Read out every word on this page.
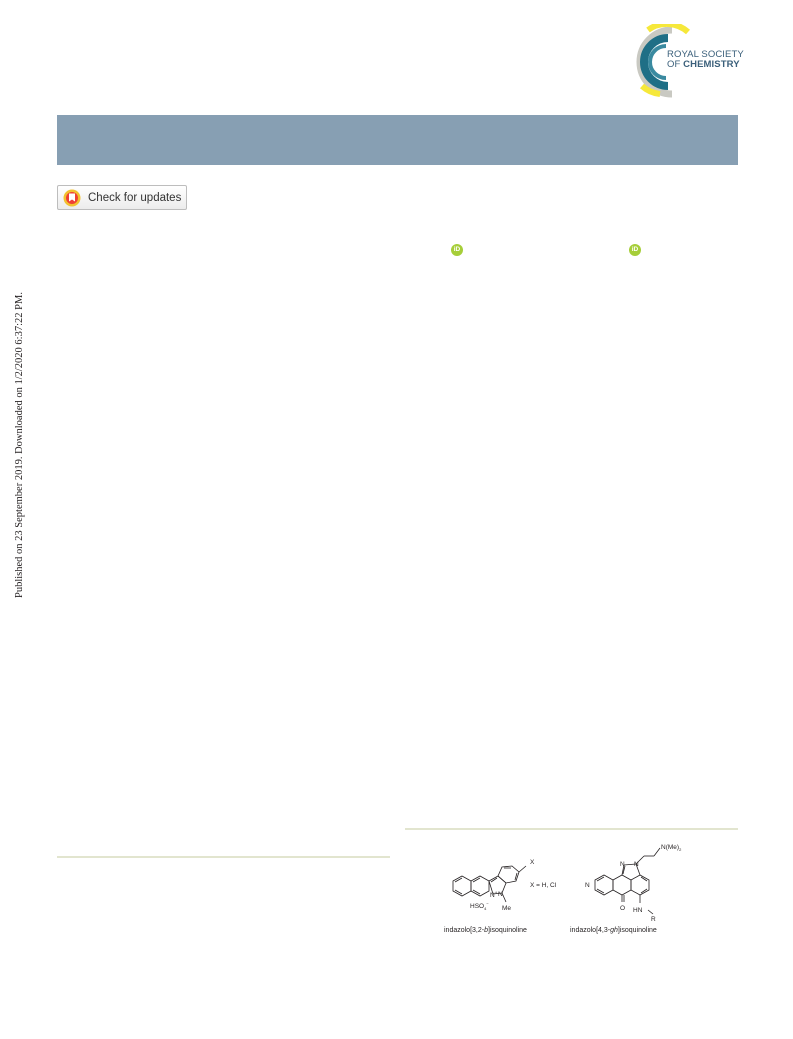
ROYAL SOCIETY
OF CHEMISTRY
Check for updates
iD	iD
Published on 23 September 2019. Downloaded on 1/2/2020 6:37:22 PM.
X
X = H, Cl
N+ N
Me
$HSO_4^-$
indazolo[3,2-b]isoquinoline
$N(Me)_2$
N N
N
O HN
R
indazolo[4,3-gh]isoquinoline
